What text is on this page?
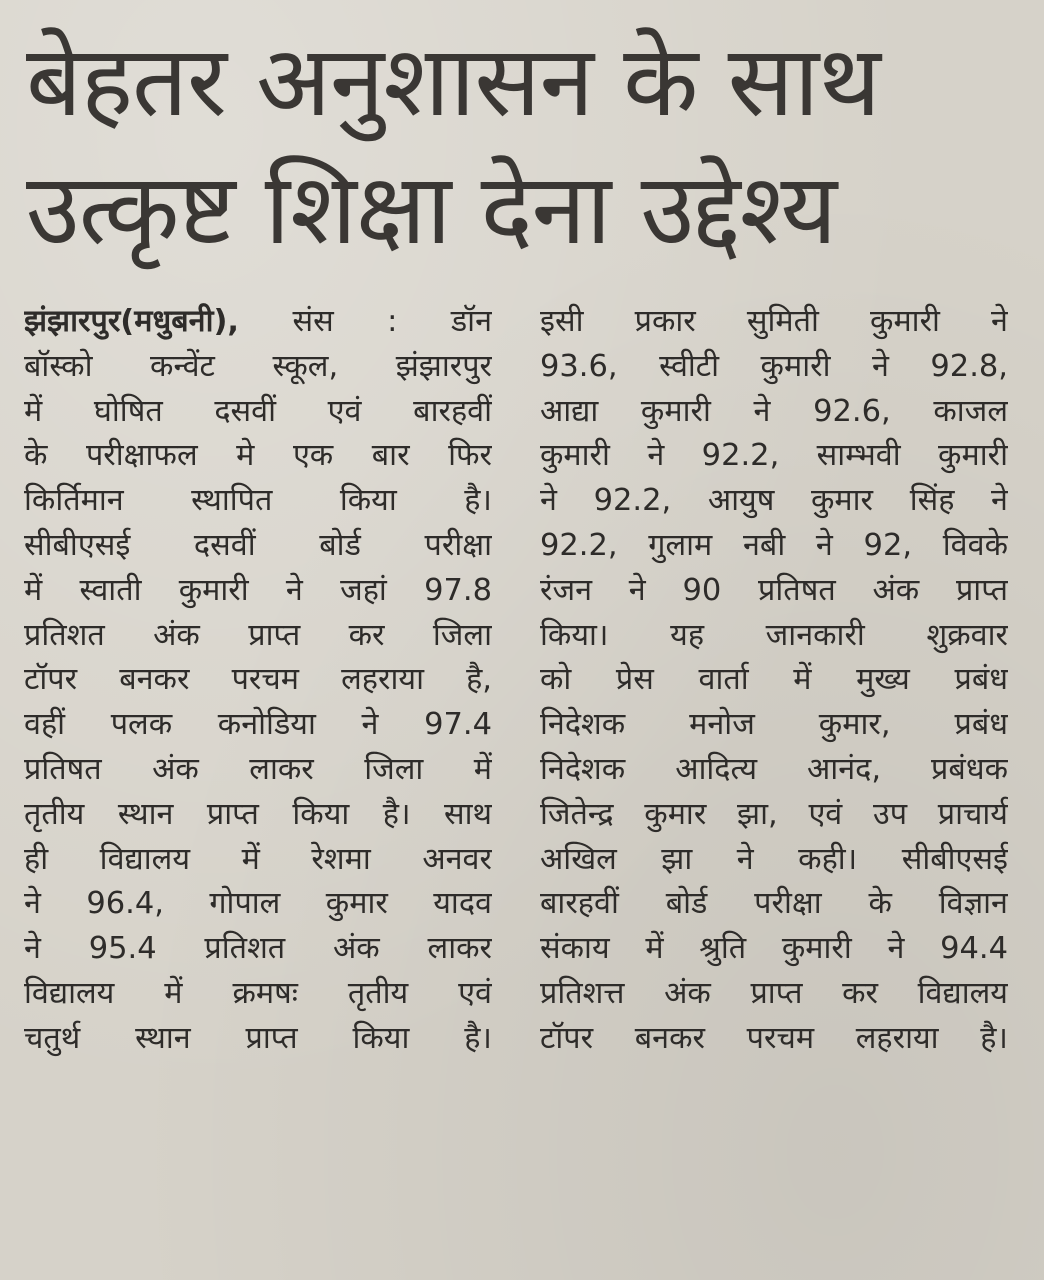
बेहतर अनुशासन के साथ
उत्कृष्ट शिक्षा देना उद्देश्य
झंझारपुर(मधुबनी), संस : डॉन
बॉस्को कन्वेंट स्कूल, झंझारपुर
में घोषित दसवीं एवं बारहवीं
के परीक्षाफल मे एक बार फिर
किर्तिमान स्थापित किया है।
सीबीएसई दसवीं बोर्ड परीक्षा
में स्वाती कुमारी ने जहां 97.8
प्रतिशत अंक प्राप्त कर जिला
टॉपर बनकर परचम लहराया है,
वहीं पलक कनोडिया ने 97.4
प्रतिषत अंक लाकर जिला में
तृतीय स्थान प्राप्त किया है। साथ
ही विद्यालय में रेशमा अनवर
ने 96.4, गोपाल कुमार यादव
ने 95.4 प्रतिशत अंक लाकर
विद्यालय में क्रमषः तृतीय एवं
चतुर्थ स्थान प्राप्त किया है।
इसी प्रकार सुमिती कुमारी ने
93.6, स्वीटी कुमारी ने 92.8,
आद्या कुमारी ने 92.6, काजल
कुमारी ने 92.2, साम्भवी कुमारी
ने 92.2, आयुष कुमार सिंह ने
92.2, गुलाम नबी ने 92, विवके
रंजन ने 90 प्रतिषत अंक प्राप्त
किया। यह जानकारी शुक्रवार
को प्रेस वार्ता में मुख्य प्रबंध
निदेशक मनोज कुमार, प्रबंध
निदेशक आदित्य आनंद, प्रबंधक
जितेन्द्र कुमार झा, एवं उप प्राचार्य
अखिल झा ने कही। सीबीएसई
बारहवीं बोर्ड परीक्षा के विज्ञान
संकाय में श्रुति कुमारी ने 94.4
प्रतिशत्त अंक प्राप्त कर विद्यालय
टॉपर बनकर परचम लहराया है।
